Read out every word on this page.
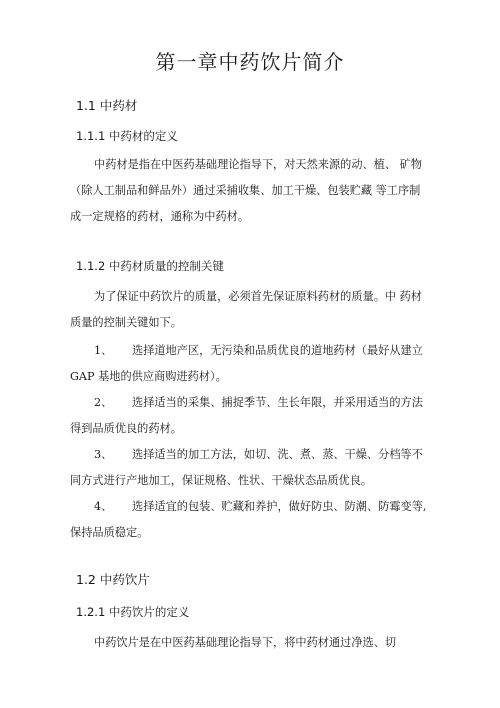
第一章中药饮片简介
1.1 中药材
1.1.1 中药材的定义

中药材是指在中医药基础理论指导下，对天然来源的动、植、 矿物（除人工制品和鲜品外）通过采捕收集、加工干燥、包装贮藏 等工序制成一定规格的药材，通称为中药材。

1.1.2 中药材质量的控制关键

为了保证中药饮片的质量，必须首先保证原料药材的质量。中 药材质量的控制关键如下。

1、 选择道地产区，无污染和品质优良的道地药材（最好从建立 GAP 基地的供应商购进药材）。

2、 选择适当的采集、捕捉季节、生长年限，并采用适当的方法 得到品质优良的药材。

3、 选择适当的加工方法，如切、洗、煮、蒸、干燥、分档等不 同方式进行产地加工，保证规格、性状、干燥状态品质优良。

4、 选择适宜的包装、贮藏和养护，做好防虫、防潮、防霉变等, 保持品质稳定。

1.2 中药饮片
1.2.1 中药饮片的定义

中药饮片是在中医药基础理论指导下，将中药材通过净选、切
